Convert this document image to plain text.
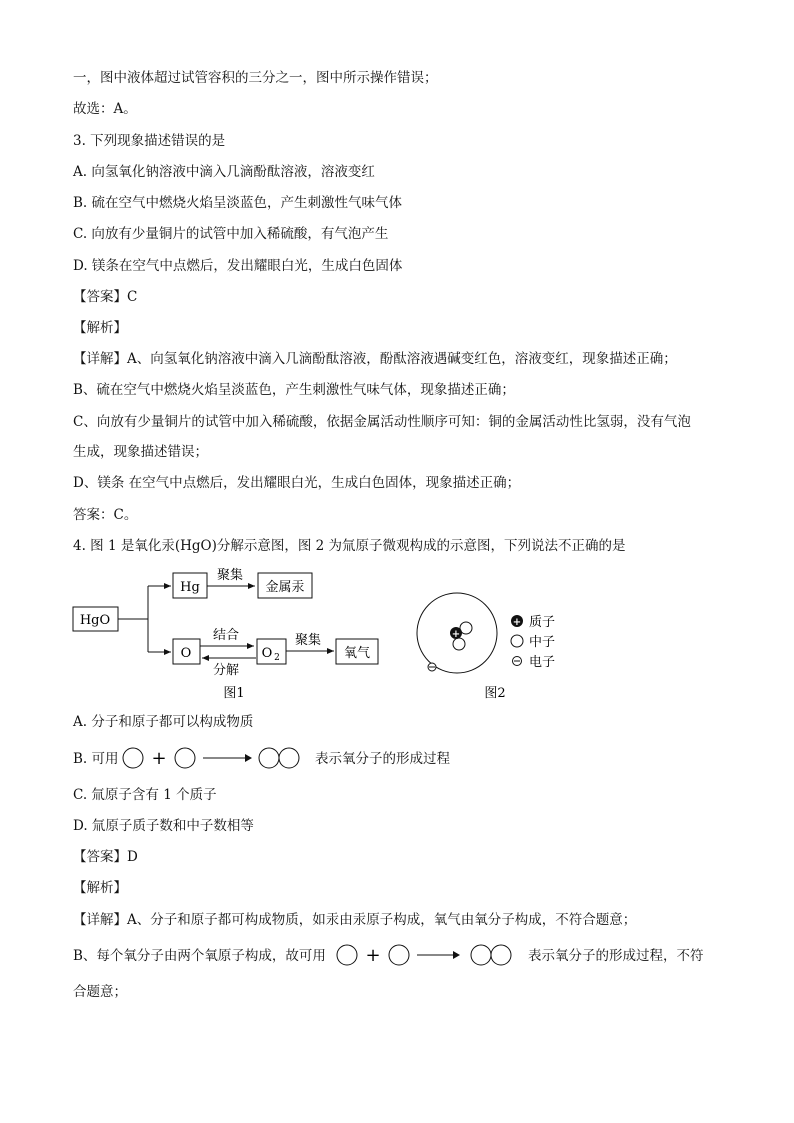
一，图中液体超过试管容积的三分之一，图中所示操作错误；
故选：A。
3. 下列现象描述错误的是
A. 向氢氧化钠溶液中滴入几滴酚酞溶液，溶液变红
B. 硫在空气中燃烧火焰呈淡蓝色，产生刺激性气味气体
C. 向放有少量铜片的试管中加入稀硫酸，有气泡产生
D. 镁条在空气中点燃后，发出耀眼白光，生成白色固体
【答案】C
【解析】
【详解】A、向氢氧化钠溶液中滴入几滴酚酞溶液，酚酞溶液遇碱变红色，溶液变红，现象描述正确；
B、硫在空气中燃烧火焰呈淡蓝色，产生刺激性气味气体，现象描述正确；
C、向放有少量铜片的试管中加入稀硫酸，依据金属活动性顺序可知：铜的金属活动性比氢弱，没有气泡
生成，现象描述错误；
D、镁条 在空气中点燃后，发出耀眼白光，生成白色固体，现象描述正确；
答案：C。
4. 图 1 是氧化汞(HgO)分解示意图，图 2 为氚原子微观构成的示意图，下列说法不正确的是
HgO
Hg
聚集
金属汞
O
结合
分解
O 2
聚集
氧气
图1
+
+ 质子
中子
电子
图2
A. 分子和原子都可以构成物质
B. 可用 +	表示氧分子的形成过程
C. 氚原子含有 1 个质子
D. 氚原子质子数和中子数相等
【答案】D
【解析】
【详解】A、分子和原子都可构成物质，如汞由汞原子构成，氧气由氧分子构成，不符合题意；
B、每个氧分子由两个氧原子构成，故可用 +	表示氧分子的形成过程，不符
合题意；
